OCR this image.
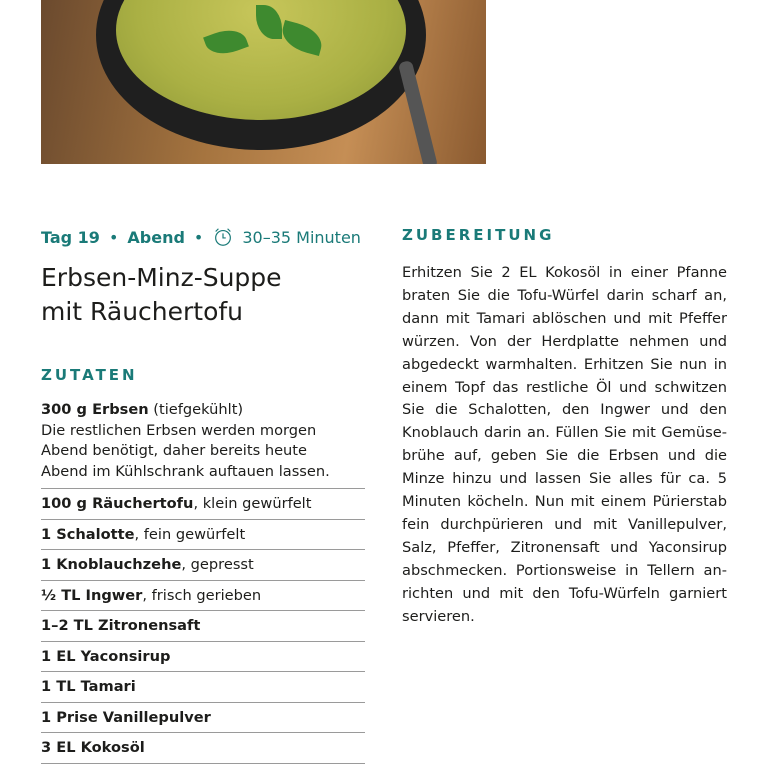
Tag 19 • Abend • 30–35 Minuten
Erbsen-Minz-Suppe
mit Räuchertofu
ZUTATEN
300 g Erbsen (tiefgekühlt)
Die restlichen Erbsen werden morgen
Abend benötigt, daher bereits heute
Abend im Kühlschrank auftauen lassen.
100 g Räuchertofu, klein gewürfelt
1 Schalotte, fein gewürfelt
1 Knoblauchzehe, gepresst
½ TL Ingwer, frisch gerieben
1–2 TL Zitronensaft
1 EL Yaconsirup
1 TL Tamari
1 Prise Vanillepulver
3 EL Kokosöl
ZUBEREITUNG
Erhitzen Sie 2 EL Kokosöl in einer Pfanne
braten Sie die Tofu-Würfel darin scharf an,
dann mit Tamari ablöschen und mit Pfeffer
würzen. Von der Herdplatte nehmen und
abgedeckt warmhalten. Erhitzen Sie nun in
einem Topf das restliche Öl und schwitzen
Sie die Schalotten, den Ingwer und den
Knoblauch darin an. Füllen Sie mit Gemüse-
brühe auf, geben Sie die Erbsen und die
Minze hinzu und lassen Sie alles für ca. 5
Minuten köcheln. Nun mit einem Pürierstab
fein durchpürieren und mit Vanillepulver,
Salz, Pfeffer, Zitronensaft und Yaconsirup
abschmecken. Portionsweise in Tellern an-
richten und mit den Tofu-Würfeln garniert
servieren.
